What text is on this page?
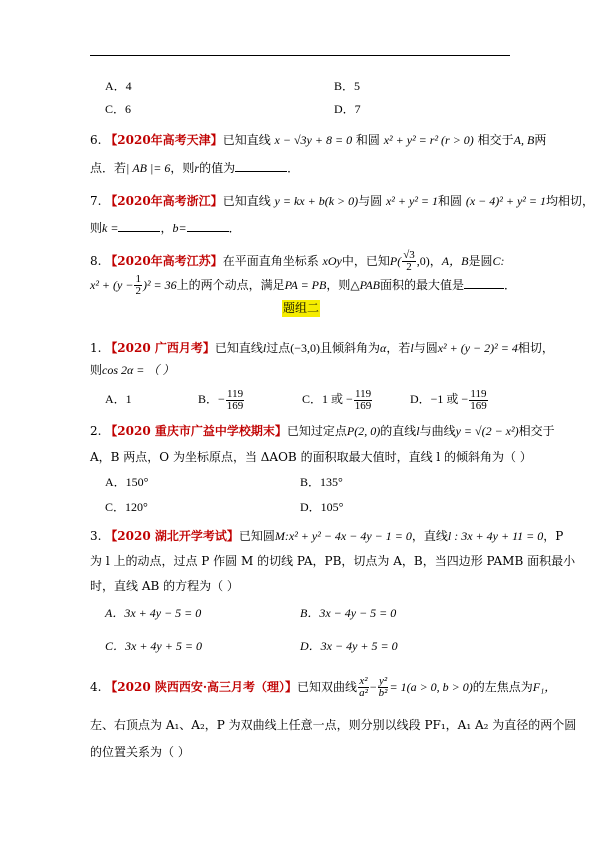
A．4	B．5
C．6	D．7
6. 【2020年高考天津】已知直线 x − √3y + 8 = 0 和圆 x² + y² = r² (r > 0) 相交于A, B两
点．若| AB |= 6，则r的值为	．
7. 【2020年高考浙江】已知直线 y = kx + b(k > 0)与圆 x² + y² = 1和圆 (x − 4)² + y² = 1均相切，
则k =	，b=	．
8. 【2020年高考江苏】在平面直角坐标系 xOy中，已知$P( \frac{√3}{2} ,0)$，A，B是圆C:
$x^2 + (y - \frac{1}{2} )^2 = 36$上的两个动点，满足PA = PB，则△PAB面积的最大值是	．
题组二
1. 【2020 广西月考】已知直线l过点(−3,0)且倾斜角为α，若l与圆x² + (y − 2)² = 4相切，
则cos 2α = （ ）
A．1	B．− $\frac{119}{169}$	C．1 或 − $\frac{119}{169}$	D．−1 或 − $\frac{119}{169}$
2. 【2020 重庆市广益中学校期末】已知过定点P(2, 0)的直线l与曲线y = √(2 − x²)相交于
A，B 两点，O 为坐标原点，当 ΔAOB 的面积取最大值时，直线 l 的倾斜角为（ ）
A．150°	B．135°
C．120°	D．105°
3. 【2020 湖北开学考试】已知圆M:x² + y² − 4x − 4y − 1 = 0，直线l : 3x + 4y + 11 = 0，P
为 l 上的动点，过点 P 作圆 M 的切线 PA，PB，切点为 A，B，当四边形 PAMB 面积最小
时，直线 AB 的方程为（ ）
A．3x + 4y − 5 = 0	B．3x − 4y − 5 = 0
C．3x + 4y + 5 = 0	D．3x − 4y + 5 = 0
4. 【2020 陕西西安·高三月考（理）】已知双曲线 $\frac{\text{x²}}{\text{a²}} - \frac{\text{y²}}{\text{b²}} = 1(a > 0$, b > 0)的左焦点为F₁，
左、右顶点为 A₁、A₂，P 为双曲线上任意一点，则分别以线段 PF₁，A₁ A₂ 为直径的两个圆
的位置关系为（ ）
